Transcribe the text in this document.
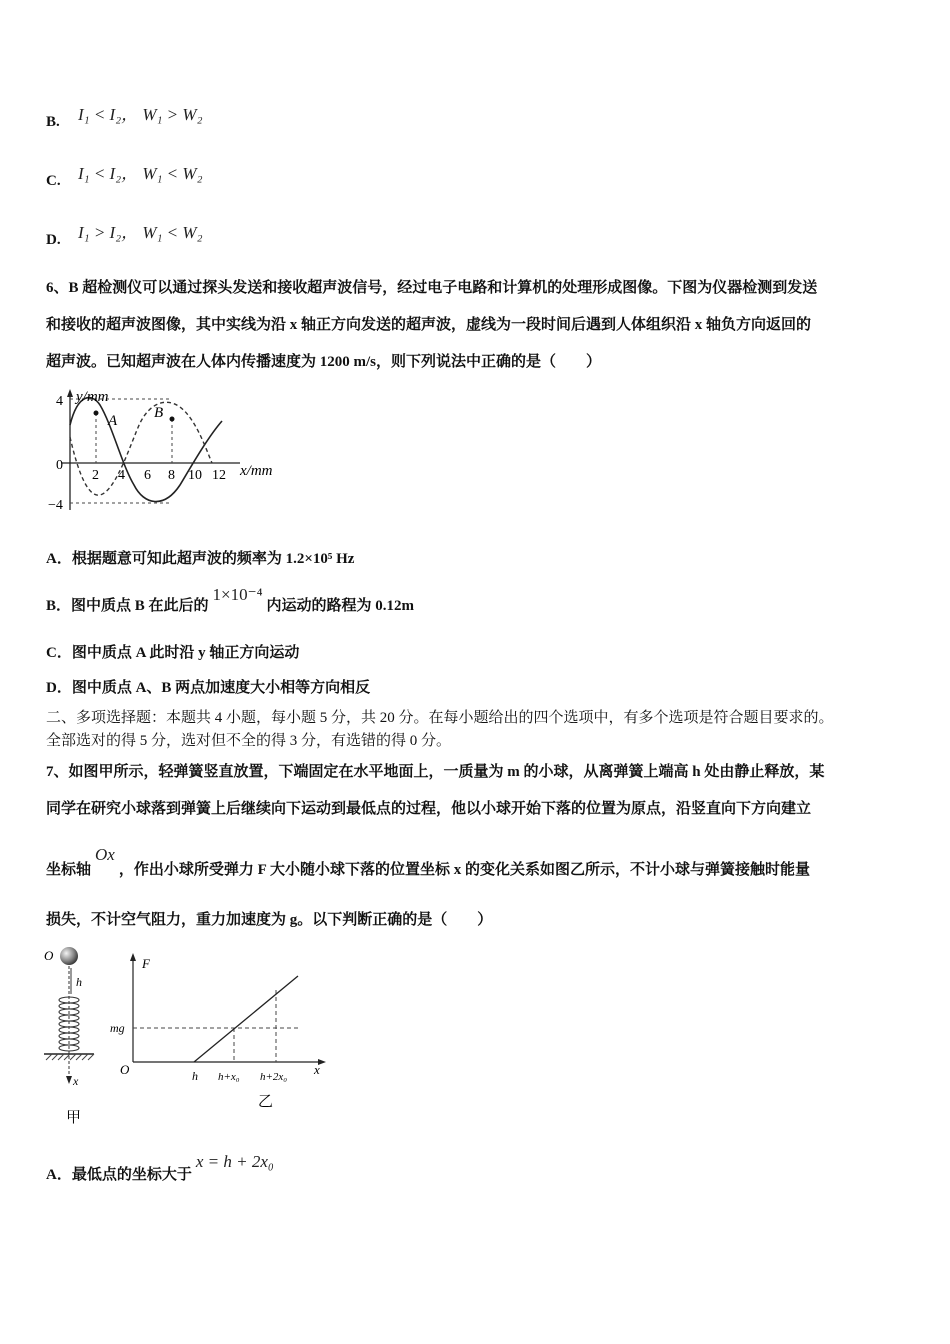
B. I₁ < I₂， W₁ > W₂
C. I₁ < I₂， W₁ < W₂
D. I₁ > I₂， W₁ < W₂
6、B 超检测仪可以通过探头发送和接收超声波信号，经过电子电路和计算机的处理形成图像。下图为仪器检测到发送
和接收的超声波图像，其中实线为沿 x 轴正方向发送的超声波，虚线为一段时间后遇到人体组织沿 x 轴负方向返回的
超声波。已知超声波在人体内传播速度为 1200 m/s，则下列说法中正确的是（　　）
A B
y/mm
x/mm
4
0
−4
2 4 6 8 10 12
A．根据题意可知此超声波的频率为 1.2×10⁵ Hz
B．图中质点 B 在此后的1×10⁻⁴内运动的路程为 0.12m
C．图中质点 A 此时沿 y 轴正方向运动
D．图中质点 A、B 两点加速度大小相等方向相反
二、多项选择题：本题共 4 小题，每小题 5 分，共 20 分。在每小题给出的四个选项中，有多个选项是符合题目要求的。
全部选对的得 5 分，选对但不全的得 3 分，有选错的得 0 分。
7、如图甲所示，轻弹簧竖直放置，下端固定在水平地面上，一质量为 m 的小球，从离弹簧上端高 h 处由静止释放，某
同学在研究小球落到弹簧上后继续向下运动到最低点的过程，他以小球开始下落的位置为原点，沿竖直向下方向建立
坐标轴Ox，作出小球所受弹力 F 大小随小球下落的位置坐标 x 的变化关系如图乙所示，不计小球与弹簧接触时能量
损失，不计空气阻力，重力加速度为 g。以下判断正确的是（　　）
O
h
x
甲
F
mg
O	h h+x₀ h+2x₀ x
乙
A．最低点的坐标大于x = h + 2x₀
